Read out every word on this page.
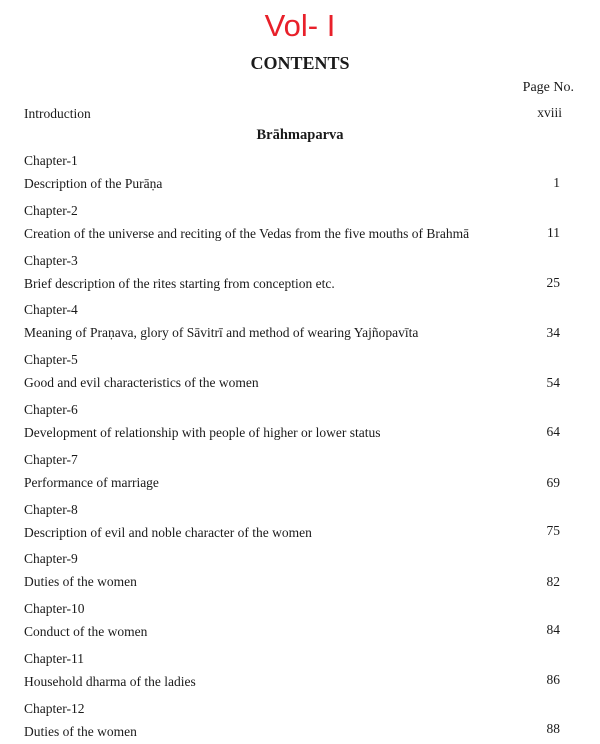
Vol- I
CONTENTS
Page No.
Introduction	xviii
Brāhmaparva
Chapter-1
Description of the Purāṇa	1
Chapter-2
Creation of the universe and reciting of the Vedas from the five mouths of Brahmā	11
Chapter-3
Brief description of the rites starting from conception etc.	25
Chapter-4
Meaning of Praṇava, glory of Sāvitrī and method of wearing Yajñopavīta	34
Chapter-5
Good and evil characteristics of the women	54
Chapter-6
Development of relationship with people of higher or lower status	64
Chapter-7
Performance of marriage	69
Chapter-8
Description of evil and noble character of the women	75
Chapter-9
Duties of the women	82
Chapter-10
Conduct of the women	84
Chapter-11
Household dharma of the ladies	86
Chapter-12
Duties of the women	88
